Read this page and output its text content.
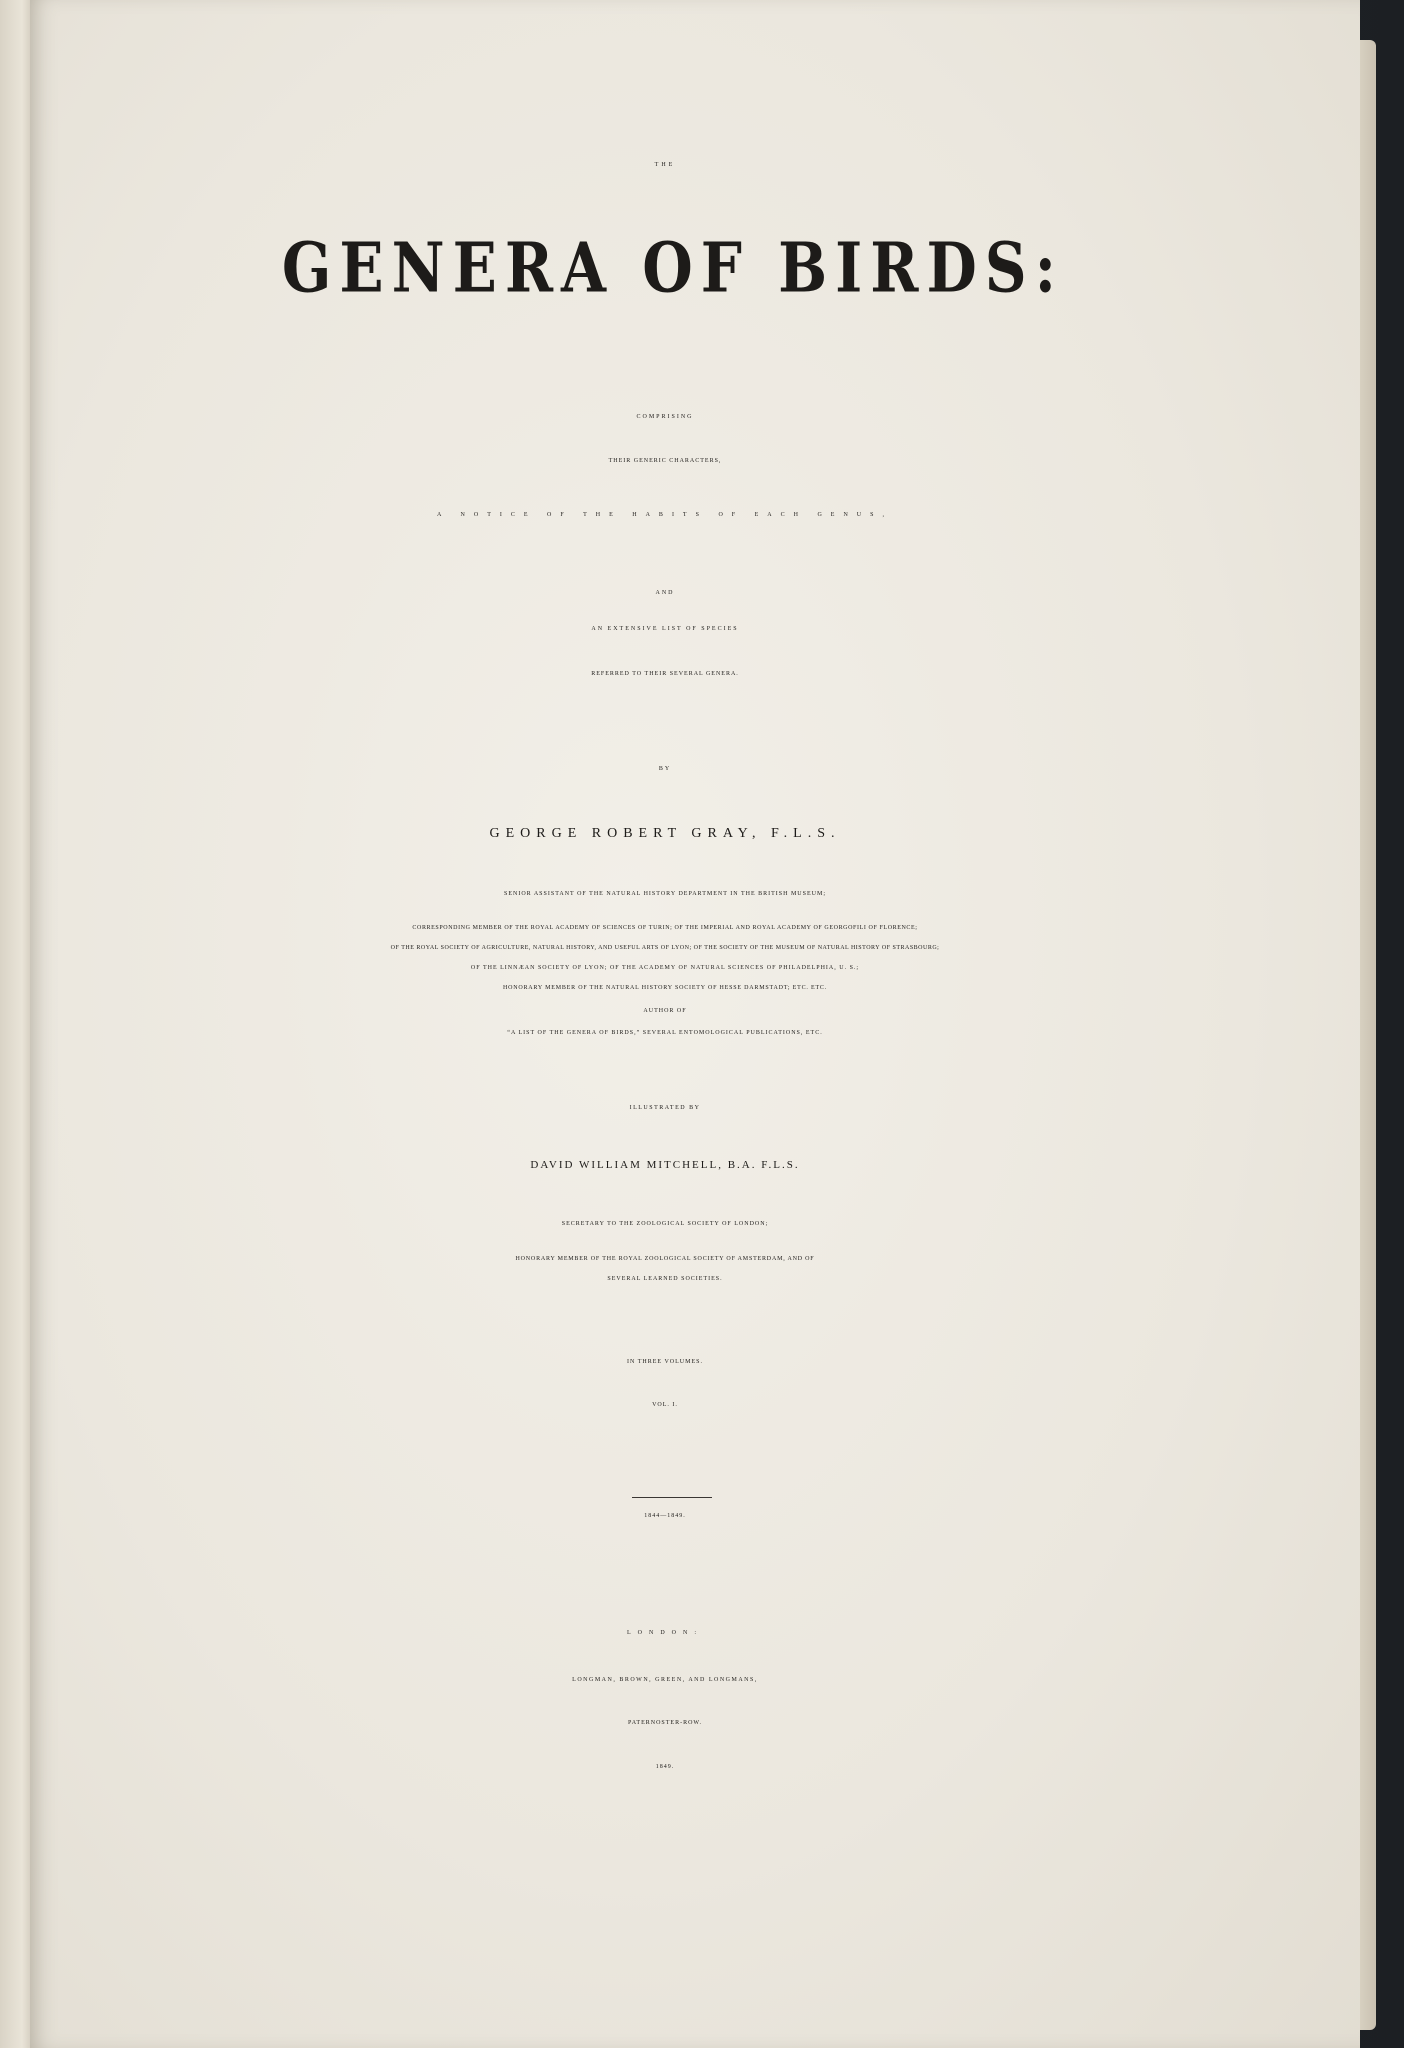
THE
GENERA OF BIRDS:
COMPRISING
THEIR GENERIC CHARACTERS,
A NOTICE OF THE HABITS OF EACH GENUS,
AND
AN EXTENSIVE LIST OF SPECIES
REFERRED TO THEIR SEVERAL GENERA.
BY
GEORGE ROBERT GRAY, F.L.S.
SENIOR ASSISTANT OF THE NATURAL HISTORY DEPARTMENT IN THE BRITISH MUSEUM;
CORRESPONDING MEMBER OF THE ROYAL ACADEMY OF SCIENCES OF TURIN; OF THE IMPERIAL AND ROYAL ACADEMY OF GEORGOFILI OF FLORENCE;
OF THE ROYAL SOCIETY OF AGRICULTURE, NATURAL HISTORY, AND USEFUL ARTS OF LYON; OF THE SOCIETY OF THE MUSEUM OF NATURAL HISTORY OF STRASBOURG;
OF THE LINNÆAN SOCIETY OF LYON; OF THE ACADEMY OF NATURAL SCIENCES OF PHILADELPHIA, U. S.;
HONORARY MEMBER OF THE NATURAL HISTORY SOCIETY OF HESSE DARMSTADT; ETC. ETC.
AUTHOR OF
“A LIST OF THE GENERA OF BIRDS,” SEVERAL ENTOMOLOGICAL PUBLICATIONS, ETC.
ILLUSTRATED BY
DAVID WILLIAM MITCHELL, B.A. F.L.S.
SECRETARY TO THE ZOOLOGICAL SOCIETY OF LONDON;
HONORARY MEMBER OF THE ROYAL ZOOLOGICAL SOCIETY OF AMSTERDAM, AND OF
SEVERAL LEARNED SOCIETIES.
IN THREE VOLUMES.
VOL. I.
1844—1849.
LONDON:
LONGMAN, BROWN, GREEN, AND LONGMANS,
PATERNOSTER-ROW.
1849.
